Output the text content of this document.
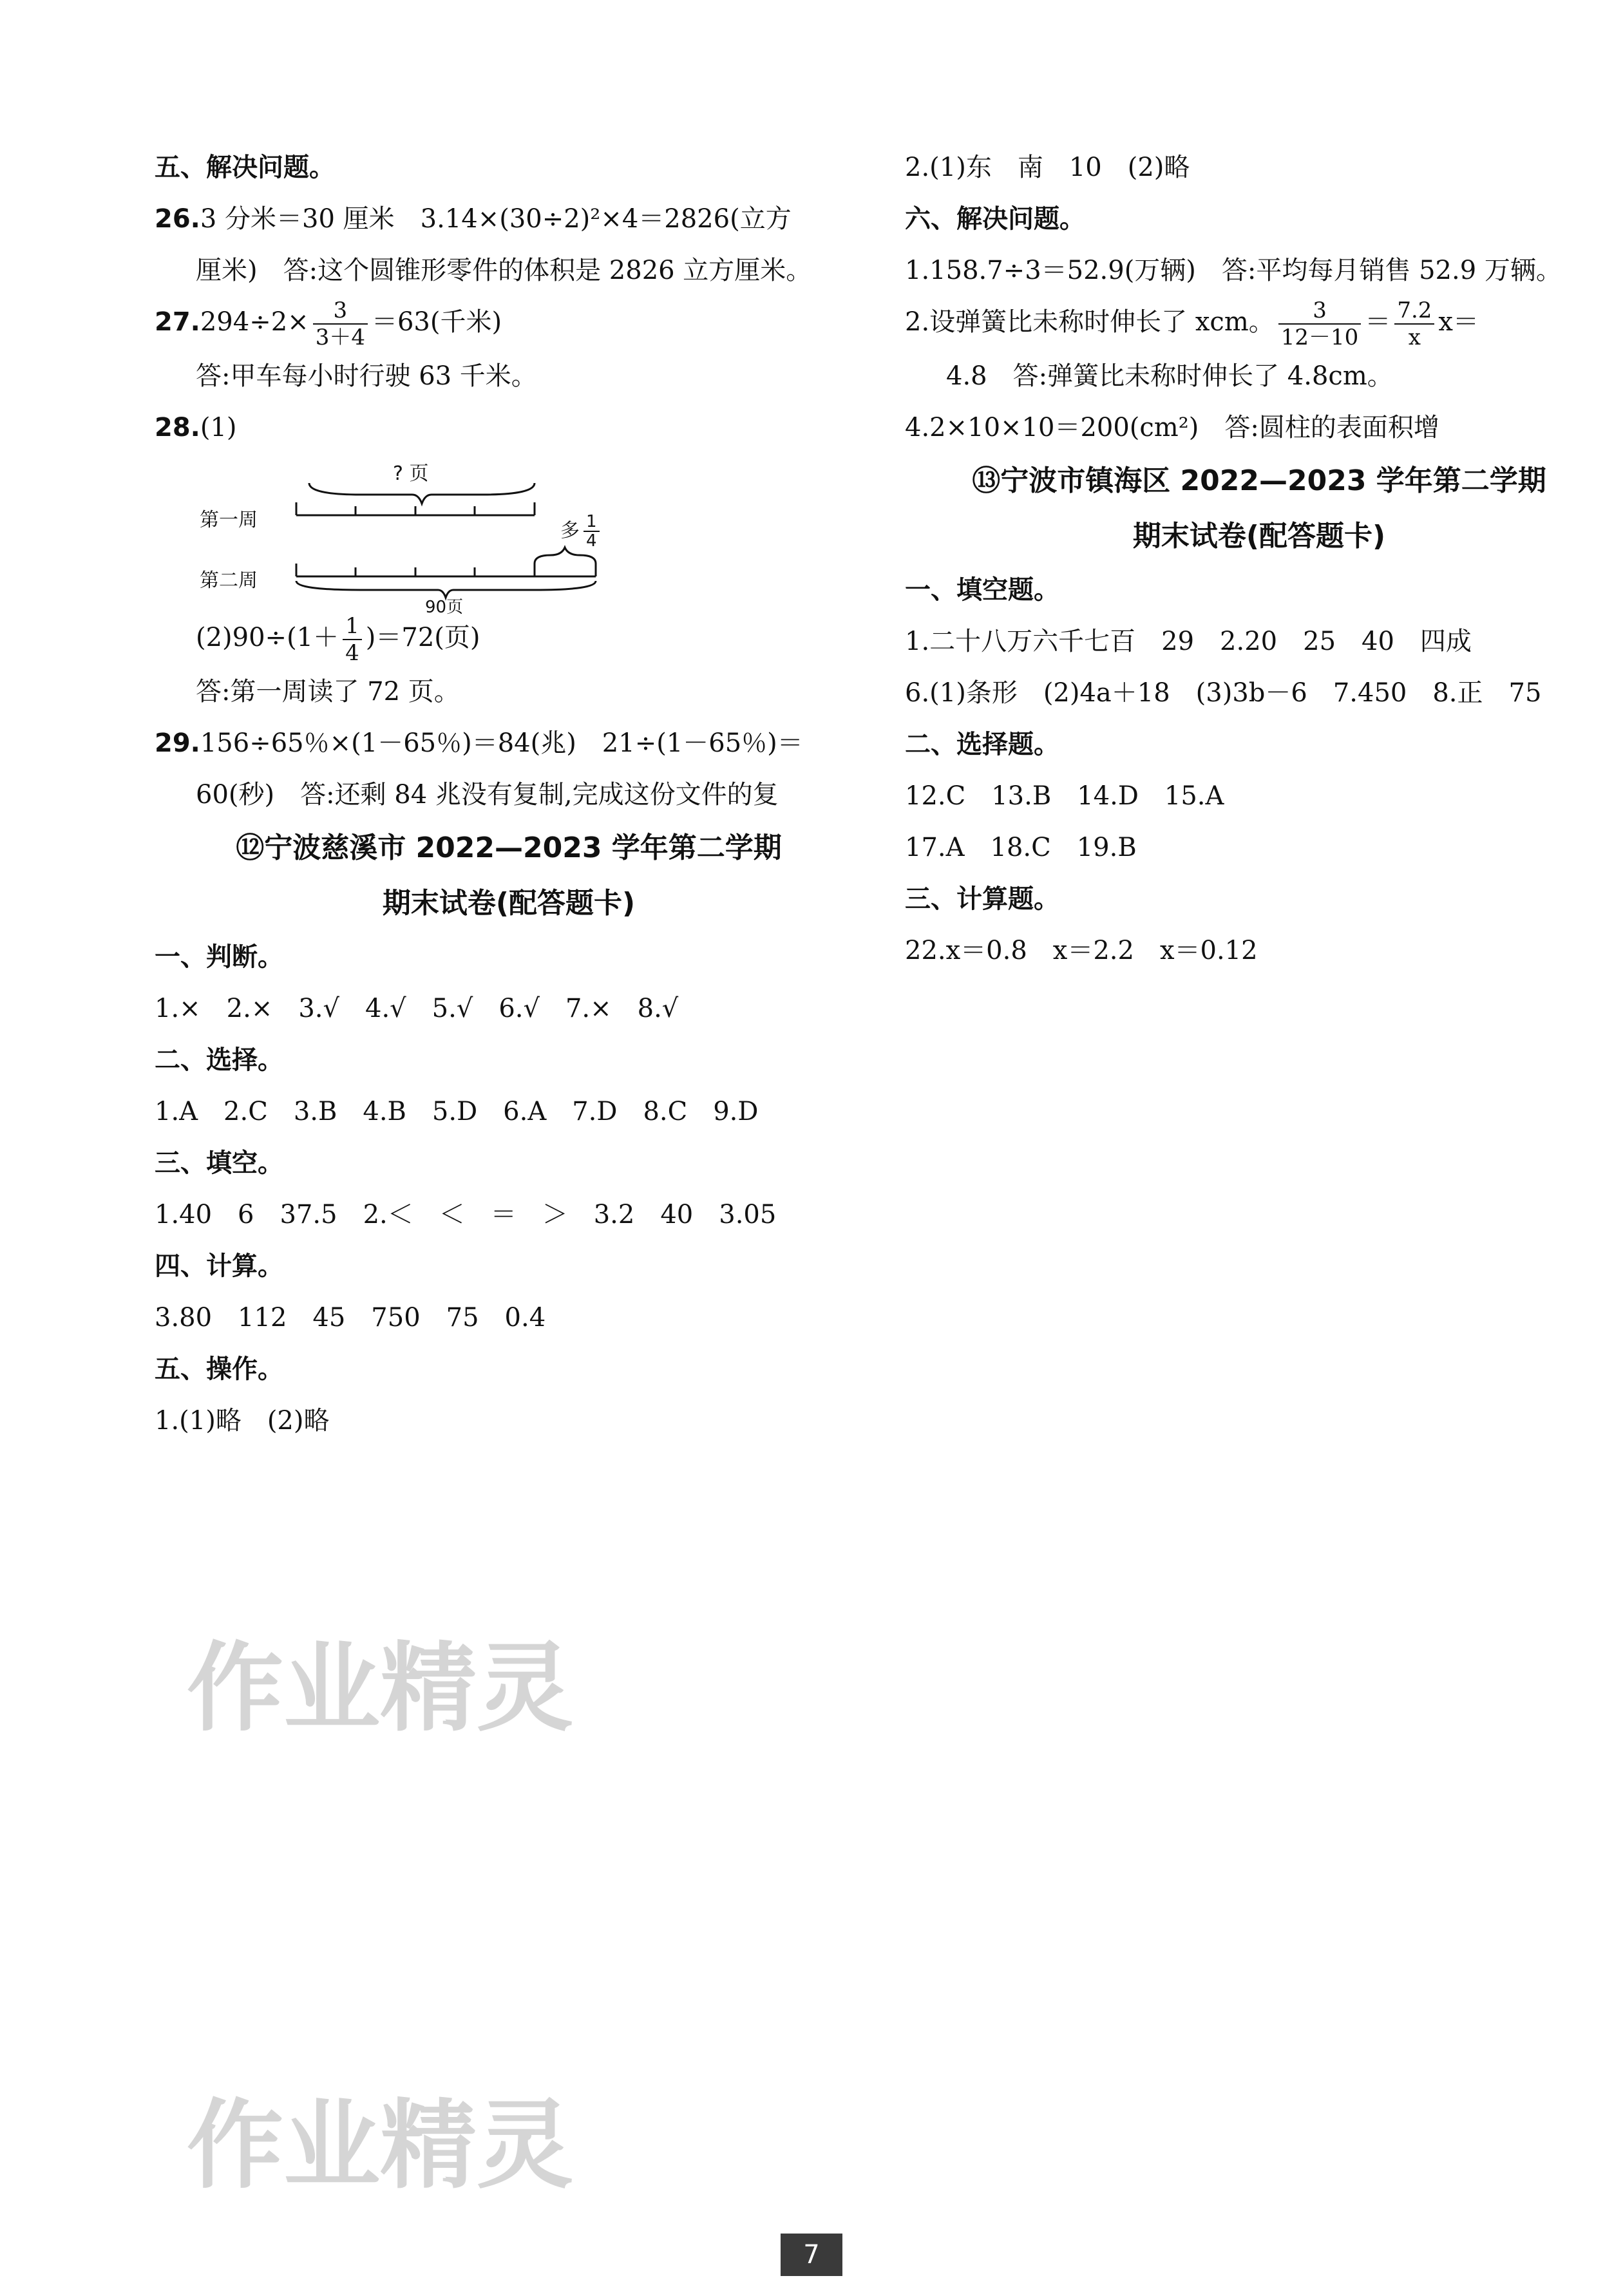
五、解决问题。
26.3 分米＝30 厘米　3.14×(30÷2)²×4＝2826(立方
厘米)　答:这个圆锥形零件的体积是 2826 立方厘米。
$27.294\div 2\times \frac{3}{3+4} =63$(千米)
答:甲车每小时行驶 63 千米。
28.(1)
? 页
第一周
第二周
多 $\frac{1}{4}$
90页
$(2)90\div(1+ \frac{1}{4} )=72$(页)
答:第一周读了 72 页。
29.156÷65％×(1－65％)＝84(兆)　21÷(1－65％)＝
60(秒)　答:还剩 84 兆没有复制,完成这份文件的复
⑫宁波慈溪市 2022—2023 学年第二学期
期末试卷(配答题卡)
一、判断。
1.×　2.×　3.√　4.√　5.√　6.√　7.×　8.√
二、选择。
1.A　2.C　3.B　4.B　5.D　6.A　7.D　8.C　9.D
三、填空。
1.40　6　37.5　2.＜　＜　＝　＞　3.2　40　3.05
四、计算。
3.80　112　45　750　75　0.4
五、操作。
1.(1)略　(2)略
2.(1)东　南　10　(2)略
六、解决问题。
1.158.7÷3＝52.9(万辆)　答:平均每月销售 52.9 万辆。
2.设弹簧比未称时伸长了 xcm。 $\frac{3}{12-10} = \frac{7.2}{x} x=$
4.8　答:弹簧比未称时伸长了 4.8cm。
4.2×10×10＝200(cm²)　答:圆柱的表面积增
⑬宁波市镇海区 2022—2023 学年第二学期
期末试卷(配答题卡)
一、填空题。
1.二十八万六千七百　29　2.20　25　40　四成
6.(1)条形　(2)4a＋18　(3)3b－6　7.450　8.正　75
二、选择题。
12.C　13.B　14.D　15.A
17.A　18.C　19.B
三、计算题。
22.x＝0.8　x＝2.2　x＝0.12
作业精灵
作业精灵
7
